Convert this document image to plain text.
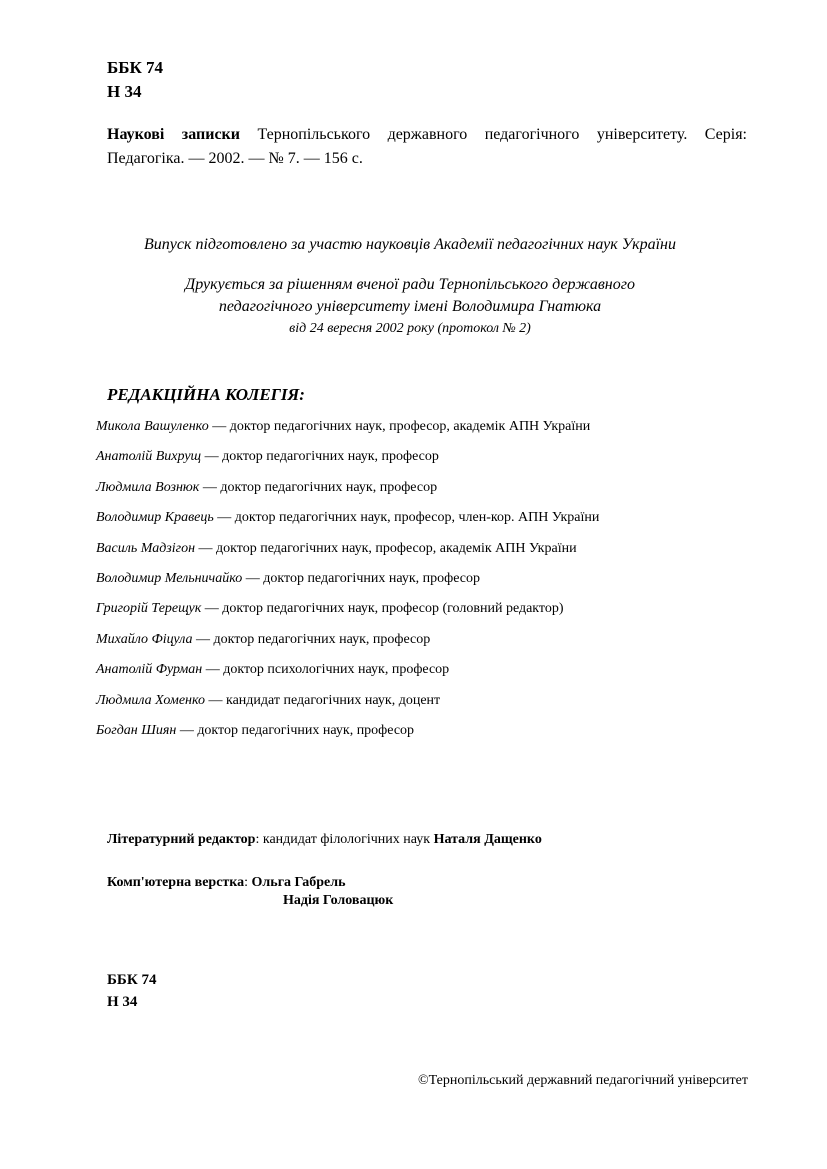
ББК 74
Н 34
Наукові записки Тернопільського державного педагогічного університету. Серія: Педагогіка. — 2002. — № 7. — 156 с.
Випуск підготовлено за участю науковців Академії педагогічних наук України
Друкується за рішенням вченої ради Тернопільського державного
педагогічного університету імені Володимира Гнатюка
від 24 вересня 2002 року (протокол № 2)
РЕДАКЦІЙНА КОЛЕГІЯ:
Микола Вашуленко — доктор педагогічних наук, професор, академік АПН України
Анатолій Вихрущ — доктор педагогічних наук, професор
Людмила Вознюк — доктор педагогічних наук, професор
Володимир Кравець — доктор педагогічних наук, професор, член-кор. АПН України
Василь Мадзігон — доктор педагогічних наук, професор, академік АПН України
Володимир Мельничайко — доктор педагогічних наук, професор
Григорій Терещук — доктор педагогічних наук, професор (головний редактор)
Михайло Фіцула — доктор педагогічних наук, професор
Анатолій Фурман — доктор психологічних наук, професор
Людмила Хоменко — кандидат педагогічних наук, доцент
Богдан Шиян — доктор педагогічних наук, професор
Літературний редактор: кандидат філологічних наук Наталя Дащенко
Комп'ютерна верстка: Ольга Габрель
Надія Головацюк
ББК 74
Н 34
©Тернопільський державний педагогічний університет
